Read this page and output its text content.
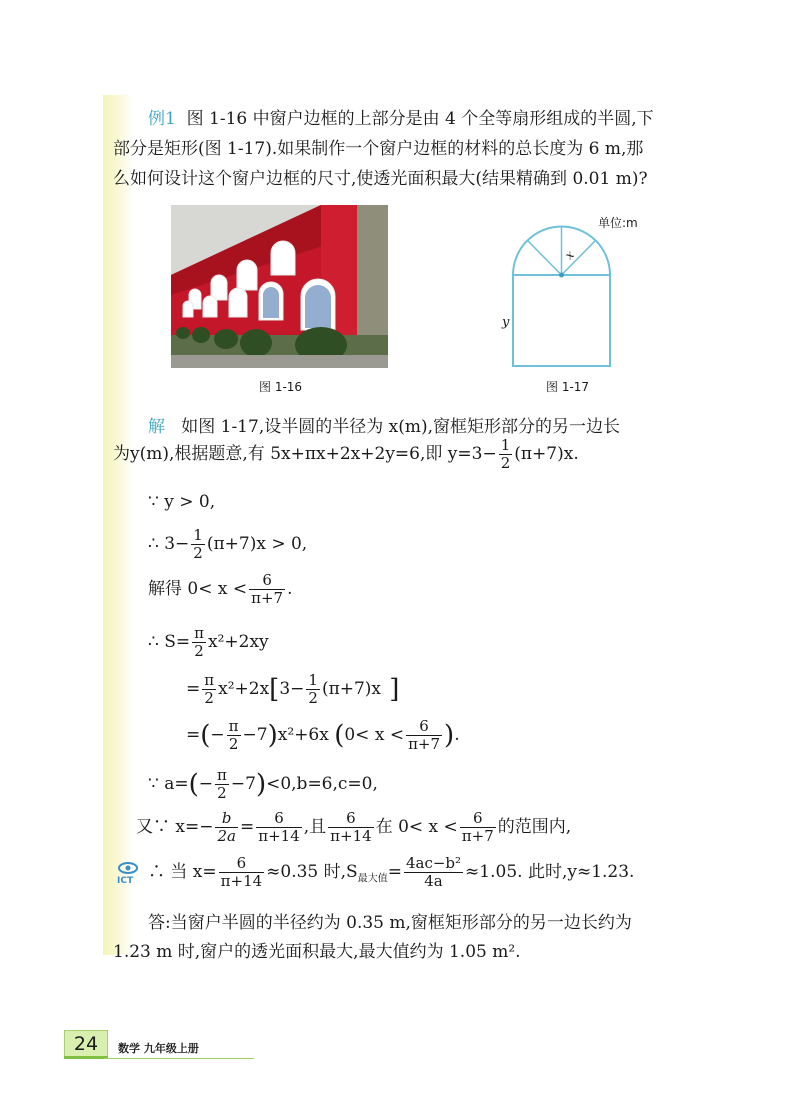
例1 图 1-16 中窗户边框的上部分是由 4 个全等扇形组成的半圆,下
部分是矩形(图 1-17).如果制作一个窗户边框的材料的总长度为 6 m,那
么如何设计这个窗户边框的尺寸,使透光面积最大(结果精确到 0.01 m)?
图 1-16
单位:m
x
y
图 1-17
解 如图 1-17,设半圆的半径为 x(m),窗框矩形部分的另一边长
为y(m),根据题意,有 5x+πx+2x+2y=6,即 $y=3- \frac{1}{2} (\pi+7)x$.
∵ y > 0,
∴ $3- \frac{1}{2} (\pi+7)x > 0$,
解得 $0< x < \frac{6}{\pi+7}$ .
∴ $S= \frac{\pi}{2} x^2+2xy$
= $\frac{\pi}{2} x^2+2x[3- \frac{1}{2} (\pi+7)x$ ]
=(− $\frac{\pi}{2} -7)x^2+6x$ ($0< x < \frac{6}{\pi+7}$ ).
∵ $a=(- \frac{\pi}{2} -7)<0,b=6,c=0$,
又∵ $x=- \frac{b}{2a} = \frac{6}{\pi+14}$ ,且 $\frac{6}{\pi+14}$ 在 $0< x < \frac{6}{\pi+7}$ 的范围内,
ICT ∴ 当 $x= \frac{6}{\pi+14} \approx 0.35$ 时$,S_{最大值}= \frac{\text{4ac−b²}}{4a} \approx 1.05$. 此时,y≈1.23.
答:当窗户半圆的半径约为 0.35 m,窗框矩形部分的另一边长约为
1.23 m 时,窗户的透光面积最大,最大值约为 1.05 m².
24	数学 九年级上册
